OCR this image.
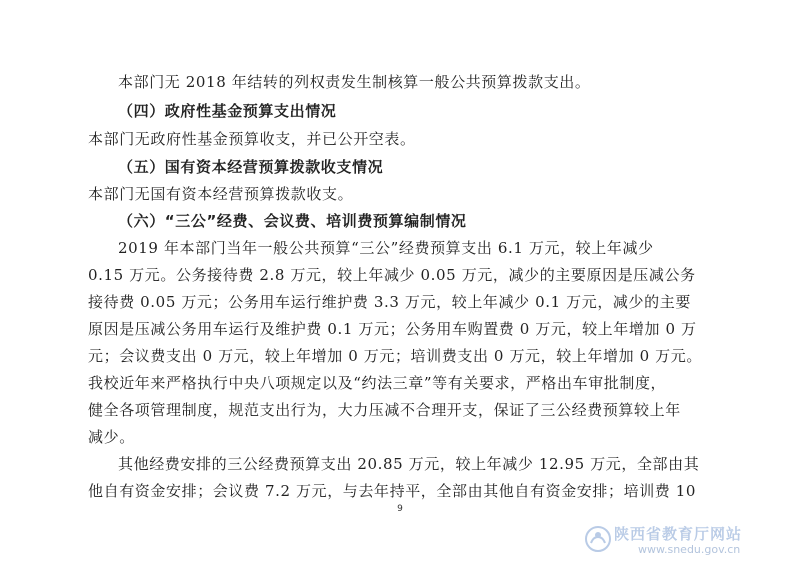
本部门无 2018 年结转的列权责发生制核算一般公共预算拨款支出。
（四）政府性基金预算支出情况
本部门无政府性基金预算收支，并已公开空表。
（五）国有资本经营预算拨款收支情况
本部门无国有资本经营预算拨款收支。
（六）“三公”经费、会议费、培训费预算编制情况
2019 年本部门当年一般公共预算“三公”经费预算支出 6.1 万元，较上年减少
0.15 万元。公务接待费 2.8 万元，较上年减少 0.05 万元，减少的主要原因是压减公务
接待费 0.05 万元；公务用车运行维护费 3.3 万元，较上年减少 0.1 万元，减少的主要
原因是压减公务用车运行及维护费 0.1 万元；公务用车购置费 0 万元，较上年增加 0 万
元；会议费支出 0 万元，较上年增加 0 万元；培训费支出 0 万元，较上年增加 0 万元。
我校近年来严格执行中央八项规定以及“约法三章”等有关要求，严格出车审批制度，
健全各项管理制度，规范支出行为，大力压减不合理开支，保证了三公经费预算较上年
减少。
其他经费安排的三公经费预算支出 20.85 万元，较上年减少 12.95 万元，全部由其
他自有资金安排；会议费 7.2 万元，与去年持平，全部由其他自有资金安排；培训费 10
9
陕西省教育厅网站
www.snedu.gov.cn
